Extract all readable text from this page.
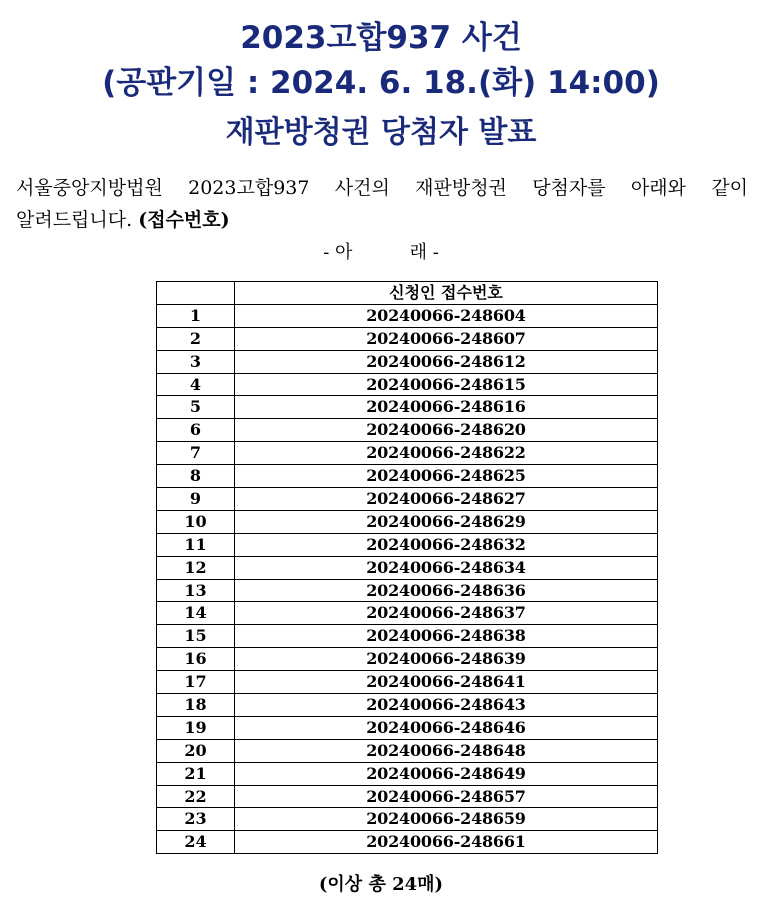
2023고합937 사건
(공판기일 : 2024. 6. 18.(화) 14:00)
재판방청권 당첨자 발표
서울중앙지방법원 2023고합937 사건의 재판방청권 당첨자를 아래와 같이
알려드립니다. (접수번호)
- 아          래 -
	신청인 접수번호
1	20240066-248604
2	20240066-248607
3	20240066-248612
4	20240066-248615
5	20240066-248616
6	20240066-248620
7	20240066-248622
8	20240066-248625
9	20240066-248627
10	20240066-248629
11	20240066-248632
12	20240066-248634
13	20240066-248636
14	20240066-248637
15	20240066-248638
16	20240066-248639
17	20240066-248641
18	20240066-248643
19	20240066-248646
20	20240066-248648
21	20240066-248649
22	20240066-248657
23	20240066-248659
24	20240066-248661
(이상 총 24매)
